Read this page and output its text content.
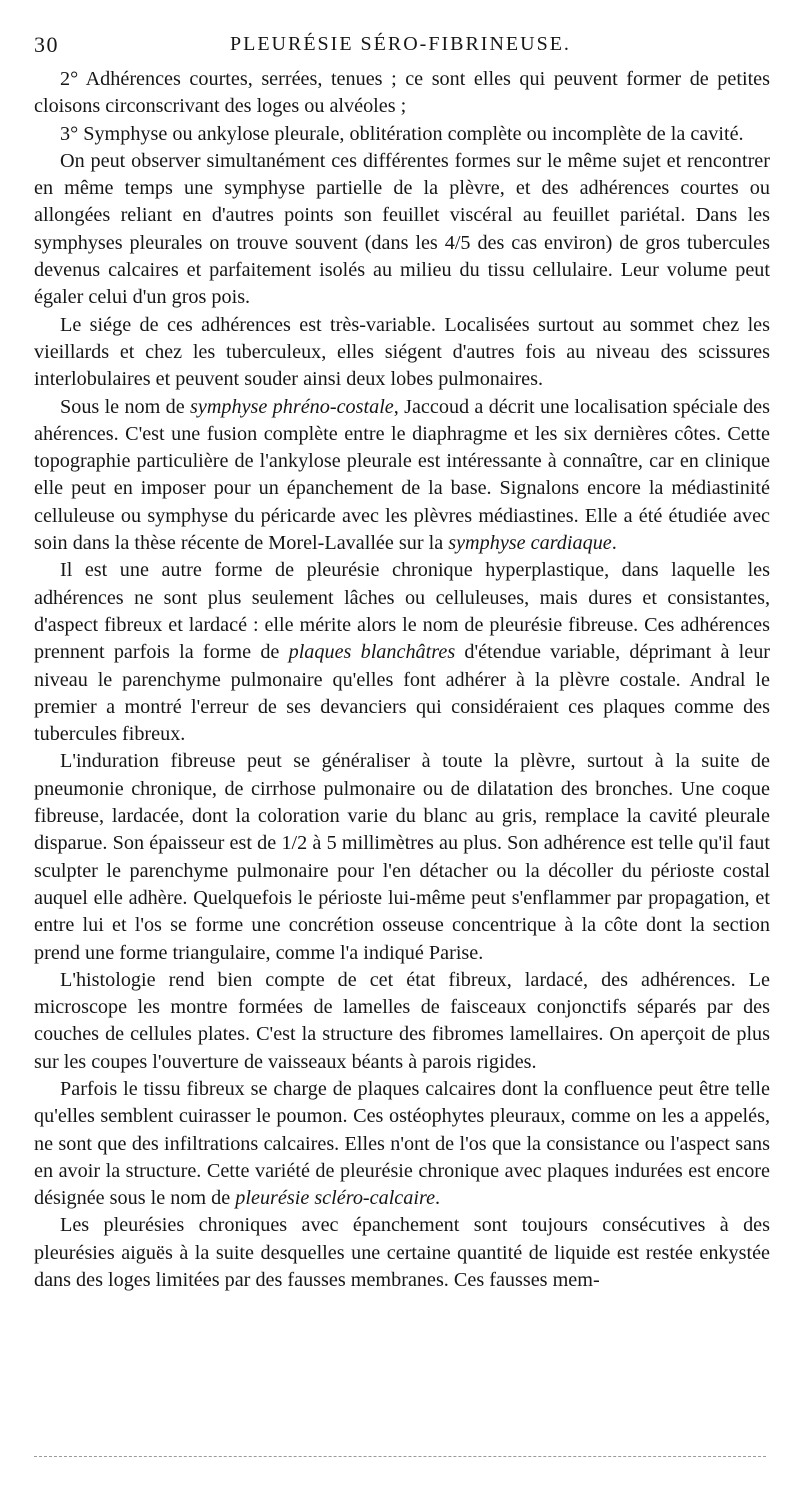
30	PLEURÉSIE SÉRO-FIBRINEUSE.

2° Adhérences courtes, serrées, tenues ; ce sont elles qui peuvent former de petites cloisons circonscrivant des loges ou alvéoles ;

3° Symphyse ou ankylose pleurale, oblitération complète ou incomplète de la cavité.

On peut observer simultanément ces différentes formes sur le même sujet et rencontrer en même temps une symphyse partielle de la plèvre, et des adhérences courtes ou allongées reliant en d'autres points son feuillet viscéral au feuillet pariétal. Dans les symphyses pleurales on trouve souvent (dans les 4/5 des cas environ) de gros tubercules devenus calcaires et parfaitement isolés au milieu du tissu cellulaire. Leur volume peut égaler celui d'un gros pois.

Le siége de ces adhérences est très-variable. Localisées surtout au sommet chez les vieillards et chez les tuberculeux, elles siégent d'autres fois au niveau des scissures interlobulaires et peuvent souder ainsi deux lobes pulmonaires.

Sous le nom de symphyse phréno-costale, Jaccoud a décrit une localisation spéciale des ahérences. C'est une fusion complète entre le diaphragme et les six dernières côtes. Cette topographie particulière de l'ankylose pleurale est intéressante à connaître, car en clinique elle peut en imposer pour un épanchement de la base. Signalons encore la médiastinité celluleuse ou symphyse du péricarde avec les plèvres médiastines. Elle a été étudiée avec soin dans la thèse récente de Morel-Lavallée sur la symphyse cardiaque.

Il est une autre forme de pleurésie chronique hyperplastique, dans laquelle les adhérences ne sont plus seulement lâches ou celluleuses, mais dures et consistantes, d'aspect fibreux et lardacé : elle mérite alors le nom de pleurésie fibreuse. Ces adhérences prennent parfois la forme de plaques blanchâtres d'étendue variable, déprimant à leur niveau le parenchyme pulmonaire qu'elles font adhérer à la plèvre costale. Andral le premier a montré l'erreur de ses devanciers qui considéraient ces plaques comme des tubercules fibreux.

L'induration fibreuse peut se généraliser à toute la plèvre, surtout à la suite de pneumonie chronique, de cirrhose pulmonaire ou de dilatation des bronches. Une coque fibreuse, lardacée, dont la coloration varie du blanc au gris, remplace la cavité pleurale disparue. Son épaisseur est de 1/2 à 5 millimètres au plus. Son adhérence est telle qu'il faut sculpter le parenchyme pulmonaire pour l'en détacher ou la décoller du périoste costal auquel elle adhère. Quelquefois le périoste lui-même peut s'enflammer par propagation, et entre lui et l'os se forme une concrétion osseuse concentrique à la côte dont la section prend une forme triangulaire, comme l'a indiqué Parise.

L'histologie rend bien compte de cet état fibreux, lardacé, des adhérences. Le microscope les montre formées de lamelles de faisceaux conjonctifs séparés par des couches de cellules plates. C'est la structure des fibromes lamellaires. On aperçoit de plus sur les coupes l'ouverture de vaisseaux béants à parois rigides.

Parfois le tissu fibreux se charge de plaques calcaires dont la confluence peut être telle qu'elles semblent cuirasser le poumon. Ces ostéophytes pleuraux, comme on les a appelés, ne sont que des infiltrations calcaires. Elles n'ont de l'os que la consistance ou l'aspect sans en avoir la structure. Cette variété de pleurésie chronique avec plaques indurées est encore désignée sous le nom de pleurésie scléro-calcaire.

Les pleurésies chroniques avec épanchement sont toujours consécutives à des pleurésies aiguës à la suite desquelles une certaine quantité de liquide est restée enkystée dans des loges limitées par des fausses membranes. Ces fausses mem-
